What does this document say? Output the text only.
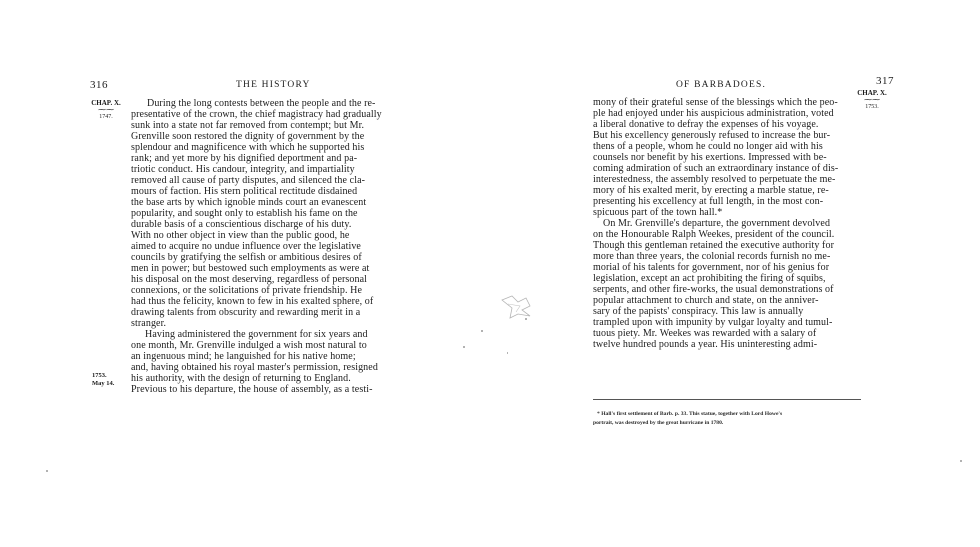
316	THE HISTORY
CHAP. X.
⁓⁓
1747.
1753.
May 14.
During the long contests between the people and the re-
presentative of the crown, the chief magistracy had gradually
sunk into a state not far removed from contempt; but Mr.
Grenville soon restored the dignity of government by the
splendour and magnificence with which he supported his
rank; and yet more by his dignified deportment and pa-
triotic conduct. His candour, integrity, and impartiality
removed all cause of party disputes, and silenced the cla-
mours of faction. His stern political rectitude disdained
the base arts by which ignoble minds court an evanescent
popularity, and sought only to establish his fame on the
durable basis of a conscientious discharge of his duty.
With no other object in view than the public good, he
aimed to acquire no undue influence over the legislative
councils by gratifying the selfish or ambitious desires of
men in power; but bestowed such employments as were at
his disposal on the most deserving, regardless of personal
connexions, or the solicitations of private friendship. He
had thus the felicity, known to few in his exalted sphere, of
drawing talents from obscurity and rewarding merit in a
stranger.
Having administered the government for six years and
one month, Mr. Grenville indulged a wish most natural to
an ingenuous mind; he languished for his native home;
and, having obtained his royal master's permission, resigned
his authority, with the design of returning to England.
Previous to his departure, the house of assembly, as a testi-
OF BARBADOES.	317
CHAP. X.
⁓⁓
1753.
mony of their grateful sense of the blessings which the peo-
ple had enjoyed under his auspicious administration, voted
a liberal donative to defray the expenses of his voyage.
But his excellency generously refused to increase the bur-
thens of a people, whom he could no longer aid with his
counsels nor benefit by his exertions. Impressed with be-
coming admiration of such an extraordinary instance of dis-
interestedness, the assembly resolved to perpetuate the me-
mory of his exalted merit, by erecting a marble statue, re-
presenting his excellency at full length, in the most con-
spicuous part of the town hall.*
On Mr. Grenville's departure, the government devolved
on the Honourable Ralph Weekes, president of the council.
Though this gentleman retained the executive authority for
more than three years, the colonial records furnish no me-
morial of his talents for government, nor of his genius for
legislation, except an act prohibiting the firing of squibs,
serpents, and other fire-works, the usual demonstrations of
popular attachment to church and state, on the anniver-
sary of the papists' conspiracy. This law is annually
trampled upon with impunity by vulgar loyalty and tumul-
tuous piety. Mr. Weekes was rewarded with a salary of
twelve hundred pounds a year. His uninteresting admi-
* Hall's first settlement of Barb. p. 33. This statue, together with Lord Howe's
portrait, was destroyed by the great hurricane in 1780.
